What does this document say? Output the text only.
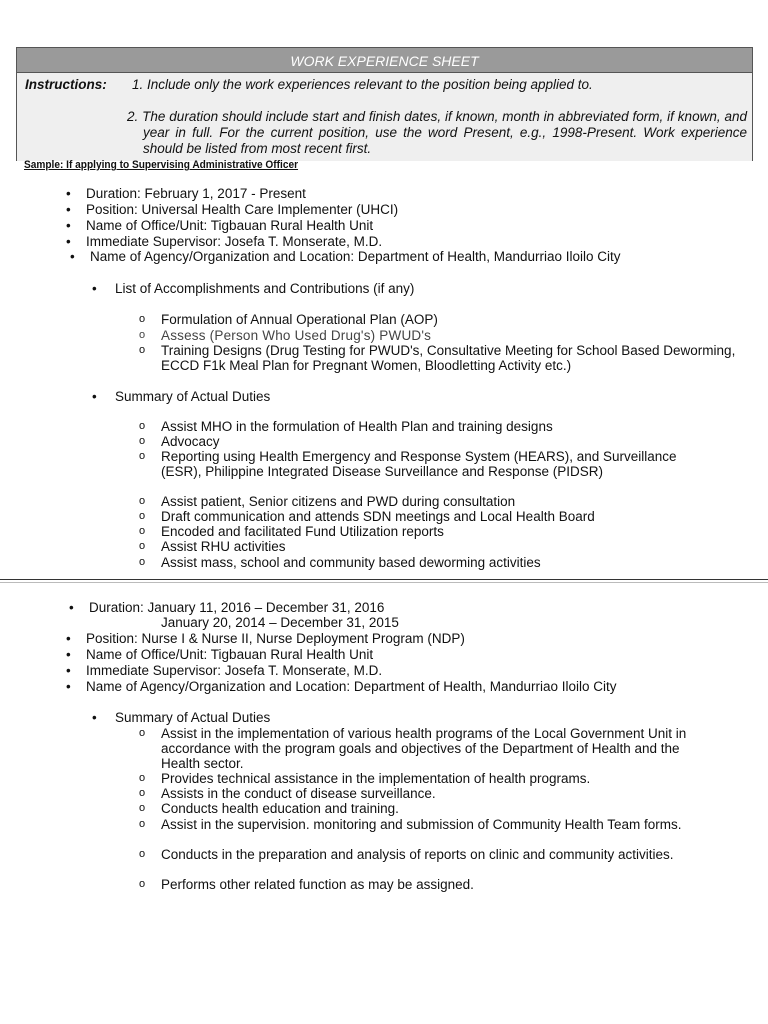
WORK EXPERIENCE SHEET
Instructions: 1. Include only the work experiences relevant to the position being applied to.
2. The duration should include start and finish dates, if known, month in abbreviated form, if known, and year in full. For the current position, use the word Present, e.g., 1998-Present. Work experience should be listed from most recent first.
Sample: If applying to Supervising Administrative Officer
• Duration: February 1, 2017 - Present
• Position: Universal Health Care Implementer (UHCI)
• Name of Office/Unit: Tigbauan Rural Health Unit
• Immediate Supervisor: Josefa T. Monserate, M.D.
• Name of Agency/Organization and Location: Department of Health, Mandurriao Iloilo City
• List of Accomplishments and Contributions (if any)
o Formulation of Annual Operational Plan (AOP)
o Assess (Person Who Used Drug's) PWUD's
o Training Designs (Drug Testing for PWUD's, Consultative Meeting for School Based Deworming, ECCD F1k Meal Plan for Pregnant Women, Bloodletting Activity etc.)
• Summary of Actual Duties
o Assist MHO in the formulation of Health Plan and training designs
o Advocacy
o Reporting using Health Emergency and Response System (HEARS), and Surveillance (ESR), Philippine Integrated Disease Surveillance and Response (PIDSR)
o Assist patient, Senior citizens and PWD during consultation
o Draft communication and attends SDN meetings and Local Health Board
o Encoded and facilitated Fund Utilization reports
o Assist RHU activities
o Assist mass, school and community based deworming activities
• Duration: January 11, 2016 – December 31, 2016
January 20, 2014 – December 31, 2015
• Position: Nurse I & Nurse II, Nurse Deployment Program (NDP)
• Name of Office/Unit: Tigbauan Rural Health Unit
• Immediate Supervisor: Josefa T. Monserate, M.D.
• Name of Agency/Organization and Location: Department of Health, Mandurriao Iloilo City
• Summary of Actual Duties
o Assist in the implementation of various health programs of the Local Government Unit in accordance with the program goals and objectives of the Department of Health and the Health sector.
o Provides technical assistance in the implementation of health programs.
o Assists in the conduct of disease surveillance.
o Conducts health education and training.
o Assist in the supervision. monitoring and submission of Community Health Team forms.
o Conducts in the preparation and analysis of reports on clinic and community activities.
o Performs other related function as may be assigned.
